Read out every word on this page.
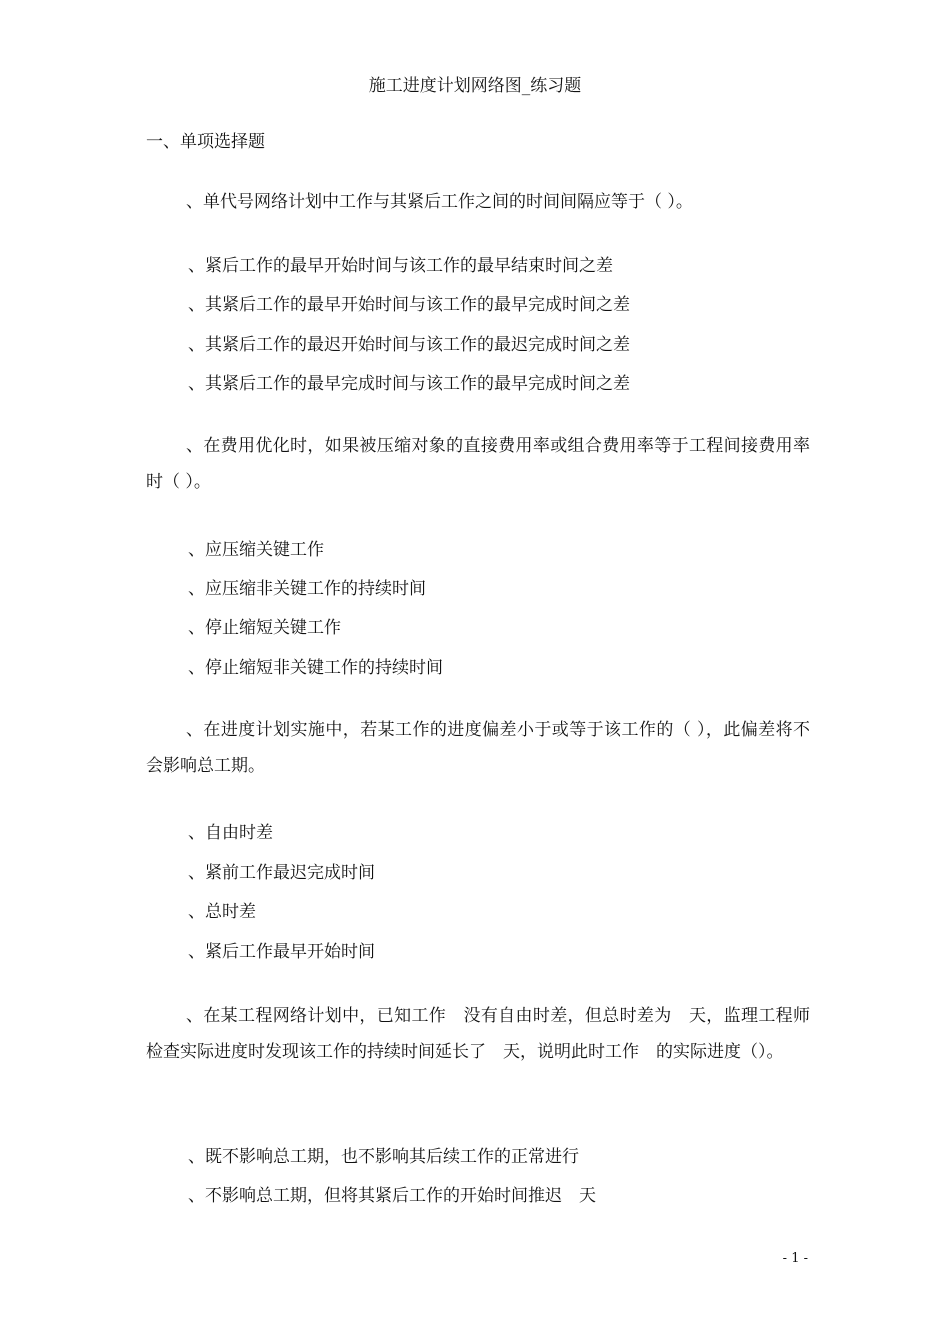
施工进度计划网络图_练习题
一、单项选择题
、单代号网络计划中工作与其紧后工作之间的时间间隔应等于（ ）。
、紧后工作的最早开始时间与该工作的最早结束时间之差
、其紧后工作的最早开始时间与该工作的最早完成时间之差
、其紧后工作的最迟开始时间与该工作的最迟完成时间之差
、其紧后工作的最早完成时间与该工作的最早完成时间之差
、在费用优化时，如果被压缩对象的直接费用率或组合费用率等于工程间接费用率时（ ）。
、应压缩关键工作
、应压缩非关键工作的持续时间
、停止缩短关键工作
、停止缩短非关键工作的持续时间
、在进度计划实施中，若某工作的进度偏差小于或等于该工作的（ ），此偏差将不会影响总工期。
、自由时差
、紧前工作最迟完成时间
、总时差
、紧后工作最早开始时间
、在某工程网络计划中，已知工作　没有自由时差，但总时差为　天，监理工程师检查实际进度时发现该工作的持续时间延长了　天，说明此时工作　的实际进度（）。
、既不影响总工期，也不影响其后续工作的正常进行
、不影响总工期，但将其紧后工作的开始时间推迟　天
- 1 -
